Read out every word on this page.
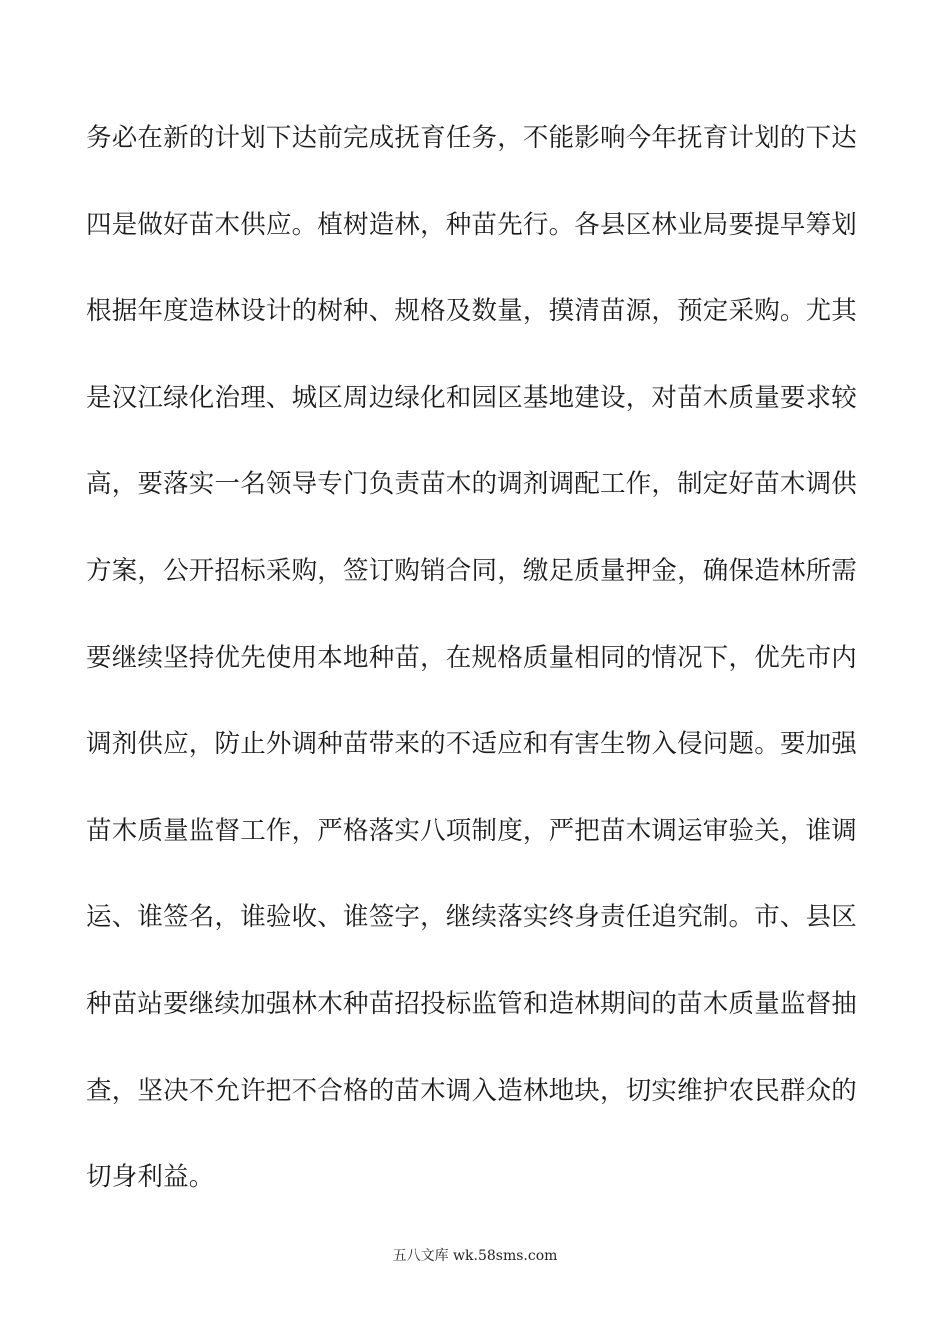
务必在新的计划下达前完成抚育任务，不能影响今年抚育计划的下达
四是做好苗木供应。植树造林，种苗先行。各县区林业局要提早筹划
根据年度造林设计的树种、规格及数量，摸清苗源，预定采购。尤其
是汉江绿化治理、城区周边绿化和园区基地建设，对苗木质量要求较
高，要落实一名领导专门负责苗木的调剂调配工作，制定好苗木调供
方案，公开招标采购，签订购销合同，缴足质量押金，确保造林所需
要继续坚持优先使用本地种苗，在规格质量相同的情况下，优先市内
调剂供应，防止外调种苗带来的不适应和有害生物入侵问题。要加强
苗木质量监督工作，严格落实八项制度，严把苗木调运审验关，谁调
运、谁签名，谁验收、谁签字，继续落实终身责任追究制。市、县区
种苗站要继续加强林木种苗招投标监管和造林期间的苗木质量监督抽
查，坚决不允许把不合格的苗木调入造林地块，切实维护农民群众的
切身利益。
五八文库 wk.58sms.com
